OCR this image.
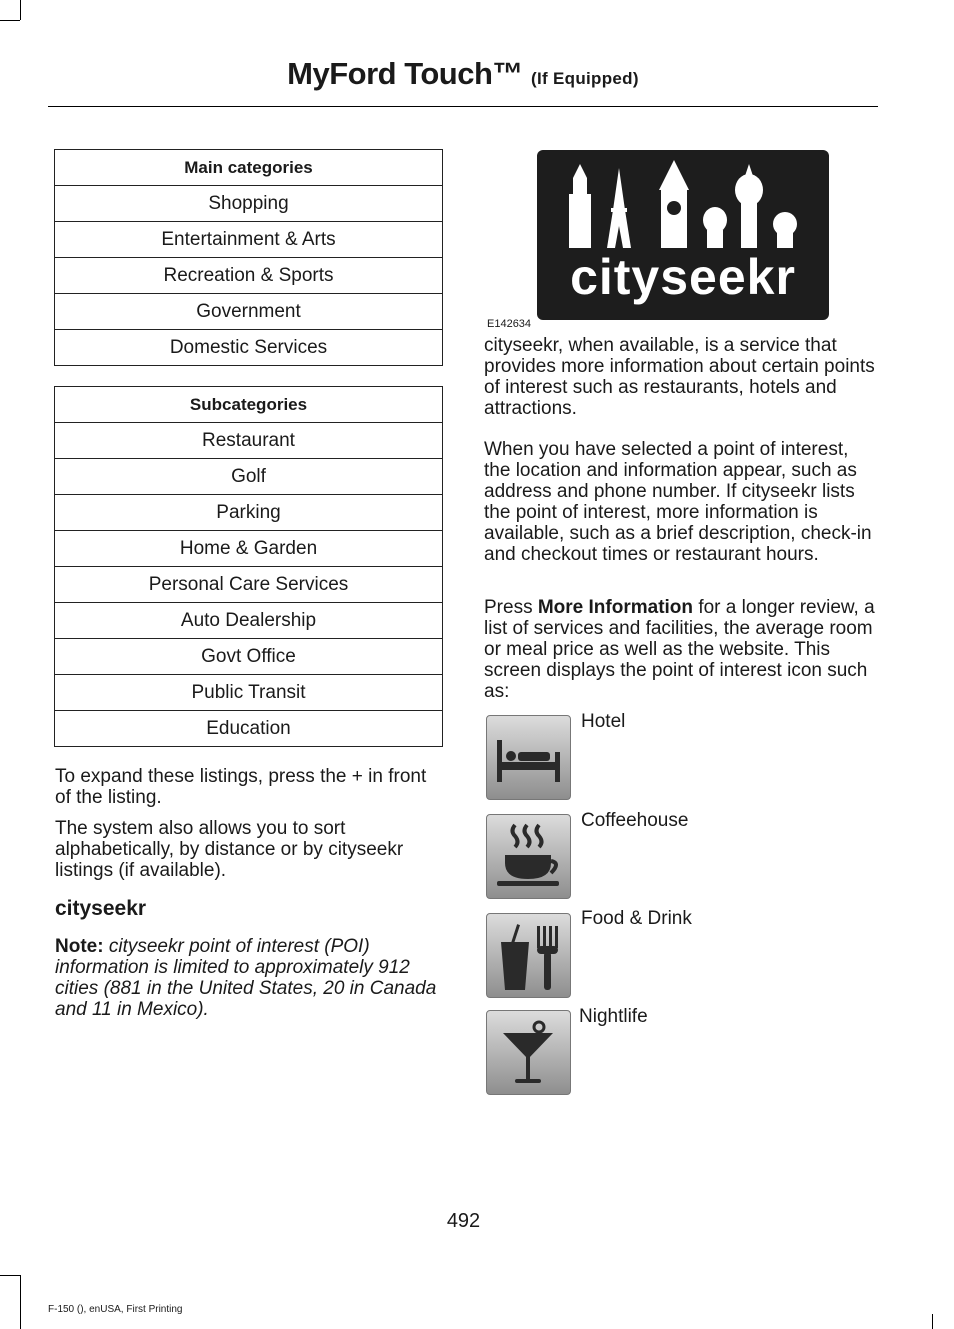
MyFord Touch™ (If Equipped)
Main categories
Shopping
Entertainment & Arts
Recreation & Sports
Government
Domestic Services
Subcategories
Restaurant
Golf
Parking
Home & Garden
Personal Care Services
Auto Dealership
Govt Office
Public Transit
Education

To expand these listings, press the + in front of the listing.

The system also allows you to sort alphabetically, by distance or by cityseekr listings (if available).

cityseekr

Note: cityseekr point of interest (POI) information is limited to approximately 912 cities (881 in the United States, 20 in Canada and 11 in Mexico).

cityseekr
E142634

cityseekr, when available, is a service that provides more information about certain points of interest such as restaurants, hotels and attractions.

When you have selected a point of interest, the location and information appear, such as address and phone number. If cityseekr lists the point of interest, more information is available, such as a brief description, check-in and checkout times or restaurant hours.

Press More Information for a longer review, a list of services and facilities, the average room or meal price as well as the website. This screen displays the point of interest icon such as:

Hotel
Coffeehouse
Food & Drink
Nightlife
492
F-150 (), enUSA, First Printing
